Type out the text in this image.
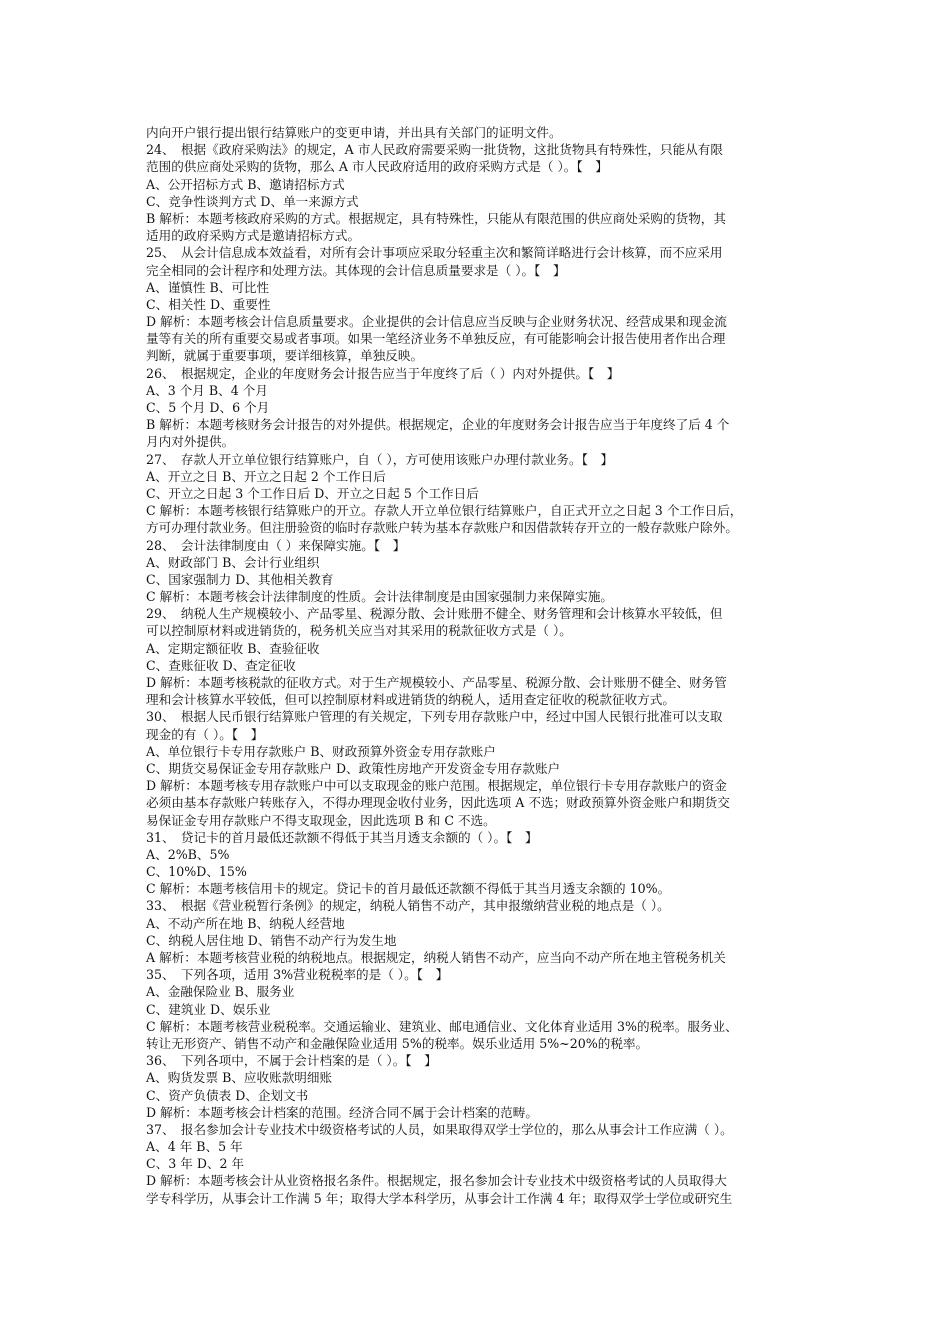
内向开户银行提出银行结算账户的变更申请，并出具有关部门的证明文件。
24、　根据《政府采购法》的规定，A 市人民政府需要采购一批货物，这批货物具有特殊性，只能从有限
范围的供应商处采购的货物，那么 A 市人民政府适用的政府采购方式是（ ）。【　】
A、公开招标方式 B、邀请招标方式
C、竞争性谈判方式 D、单一来源方式
B 解析：本题考核政府采购的方式。根据规定，具有特殊性，只能从有限范围的供应商处采购的货物，其
适用的政府采购方式是邀请招标方式。
25、　从会计信息成本效益看，对所有会计事项应采取分轻重主次和繁简详略进行会计核算，而不应采用
完全相同的会计程序和处理方法。其体现的会计信息质量要求是（ ）。【　】
A、谨慎性 B、可比性
C、相关性 D、重要性
D 解析：本题考核会计信息质量要求。企业提供的会计信息应当反映与企业财务状况、经营成果和现金流
量等有关的所有重要交易或者事项。如果一笔经济业务不单独反应，有可能影响会计报告使用者作出合理
判断，就属于重要事项，要详细核算，单独反映。
26、　根据规定，企业的年度财务会计报告应当于年度终了后（ ）内对外提供。【　】
A、3 个月 B、4 个月
C、5 个月 D、6 个月
B 解析：本题考核财务会计报告的对外提供。根据规定，企业的年度财务会计报告应当于年度终了后 4 个
月内对外提供。
27、　存款人开立单位银行结算账户，自（ ），方可使用该账户办理付款业务。【　】
A、开立之日 B、开立之日起 2 个工作日后
C、开立之日起 3 个工作日后 D、开立之日起 5 个工作日后
C 解析：本题考核银行结算账户的开立。存款人开立单位银行结算账户，自正式开立之日起 3 个工作日后，
方可办理付款业务。但注册验资的临时存款账户转为基本存款账户和因借款转存开立的一般存款账户除外。
28、　会计法律制度由（ ）来保障实施。【　】
A、财政部门 B、会计行业组织
C、国家强制力 D、其他相关教育
C 解析：本题考核会计法律制度的性质。会计法律制度是由国家强制力来保障实施。
29、　纳税人生产规模较小、产品零星、税源分散、会计账册不健全、财务管理和会计核算水平较低，但
可以控制原材料或进销货的，税务机关应当对其采用的税款征收方式是（ ）。
A、定期定额征收 B、查验征收
C、查账征收 D、查定征收
D 解析：本题考核税款的征收方式。对于生产规模较小、产品零星、税源分散、会计账册不健全、财务管
理和会计核算水平较低，但可以控制原材料或进销货的纳税人，适用查定征收的税款征收方式。
30、　根据人民币银行结算账户管理的有关规定，下列专用存款账户中，经过中国人民银行批准可以支取
现金的有（ ）。【　】
A、单位银行卡专用存款账户 B、财政预算外资金专用存款账户
C、期货交易保证金专用存款账户 D、政策性房地产开发资金专用存款账户
D 解析：本题考核专用存款账户中可以支取现金的账户范围。根据规定，单位银行卡专用存款账户的资金
必须由基本存款账户转账存入，不得办理现金收付业务，因此选项 A 不选；财政预算外资金账户和期货交
易保证金专用存款账户不得支取现金，因此选项 B 和 C 不选。
31、　贷记卡的首月最低还款额不得低于其当月透支余额的（ ）。【　】
A、2%B、5%
C、10%D、15%
C 解析：本题考核信用卡的规定。贷记卡的首月最低还款额不得低于其当月透支余额的 10%。
33、　根据《营业税暂行条例》的规定，纳税人销售不动产，其申报缴纳营业税的地点是（ ）。
A、不动产所在地 B、纳税人经营地
C、纳税人居住地 D、销售不动产行为发生地
A 解析：本题考核营业税的纳税地点。根据规定，纳税人销售不动产，应当向不动产所在地主管税务机关
35、　下列各项，适用 3%营业税税率的是（ ）。【　】
A、金融保险业 B、服务业
C、建筑业 D、娱乐业
C 解析：本题考核营业税税率。交通运输业、建筑业、邮电通信业、文化体育业适用 3%的税率。服务业、
转让无形资产、销售不动产和金融保险业适用 5%的税率。娱乐业适用 5%~20%的税率。
36、　下列各项中，不属于会计档案的是（ ）。【　】
A、购货发票 B、应收账款明细账
C、资产负债表 D、企划文书
D 解析：本题考核会计档案的范围。经济合同不属于会计档案的范畴。
37、　报名参加会计专业技术中级资格考试的人员，如果取得双学士学位的，那么从事会计工作应满（ ）。
A、4 年 B、5 年
C、3 年 D、2 年
D 解析：本题考核会计从业资格报名条件。根据规定，报名参加会计专业技术中级资格考试的人员取得大
学专科学历，从事会计工作满 5 年；取得大学本科学历，从事会计工作满 4 年；取得双学士学位或研究生
